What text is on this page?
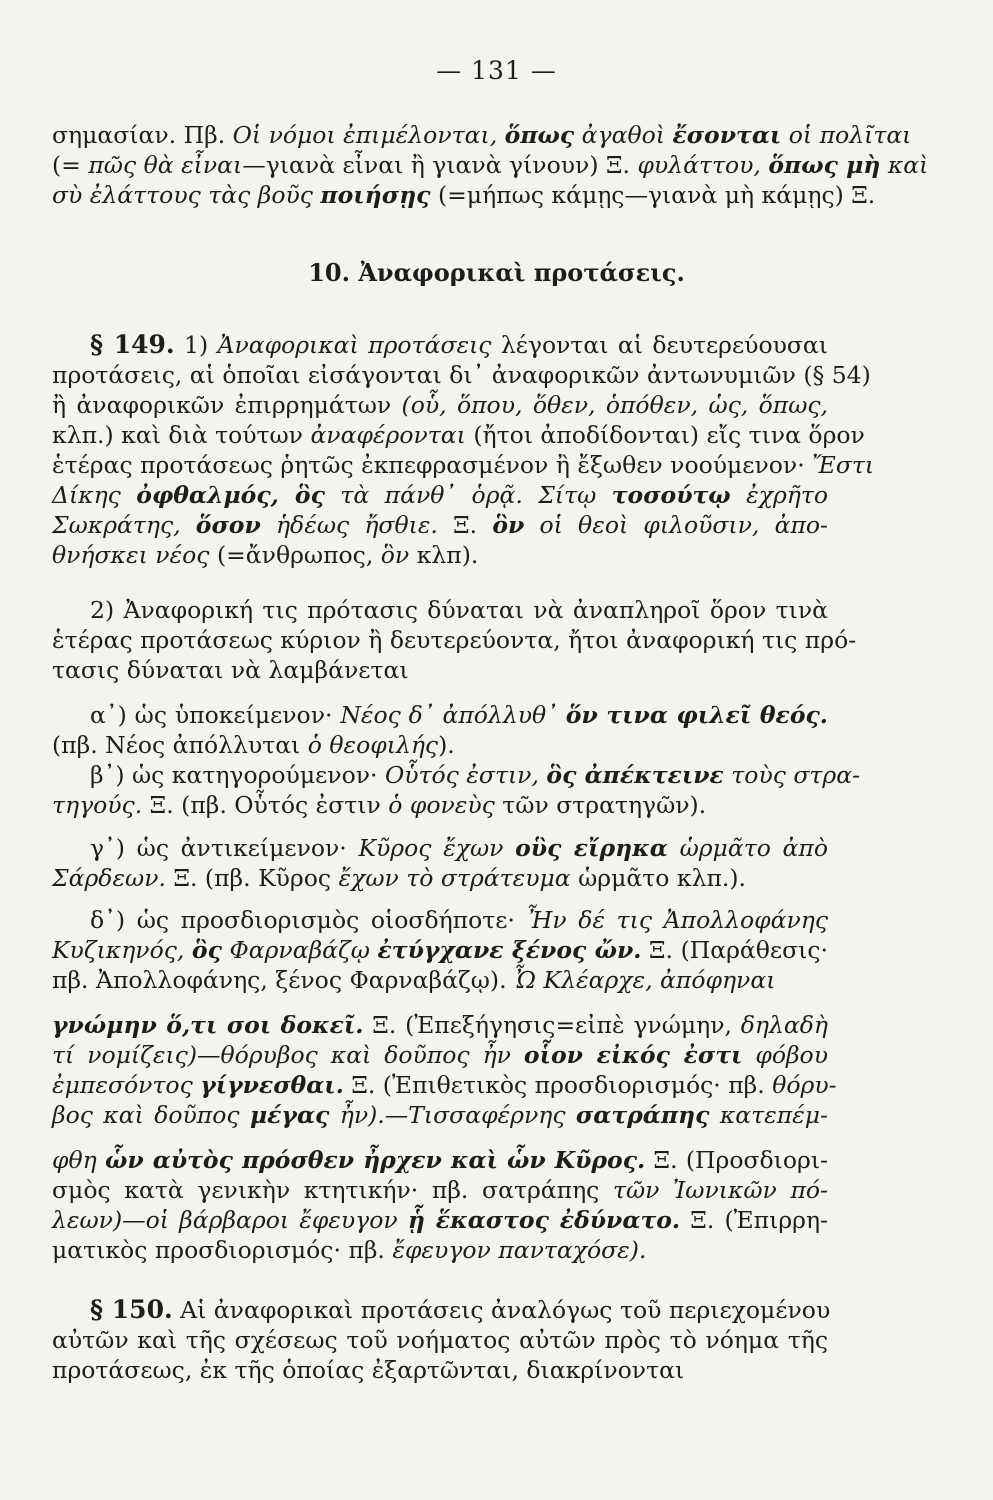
— 131 —
10. Ἀναφορικαὶ προτάσεις.
σημασίαν. Πβ. Οἱ νόμοι ἐπιμέλονται, ὅπως ἀγαθοὶ ἔσονται οἱ πολῖται
(= πῶς θὰ εἶναι—γιανὰ εἶναι ἢ γιανὰ γίνουν) Ξ. φυλάττου, ὅπως μὴ καὶ
σὺ ἐλάττους τὰς βοῦς ποιήσῃς (=μήπως κάμῃς—γιανὰ μὴ κάμῃς) Ξ.
§ 149. 1) Ἀναφορικαὶ προτάσεις λέγονται αἱ δευτερεύουσαι
προτάσεις, αἱ ὁποῖαι εἰσάγονται δι᾽ ἀναφορικῶν ἀντωνυμιῶν (§ 54)
ἢ ἀναφορικῶν ἐπιρρημάτων (οὗ, ὅπου, ὅθεν, ὁπόθεν, ὡς, ὅπως,
κλπ.) καὶ διὰ τούτων ἀναφέρονται (ἤτοι ἀποδίδονται) εἴς τινα ὅρον
ἑτέρας προτάσεως ῥητῶς ἐκπεφρασμένον ἢ ἔξωθεν νοούμενον· Ἔστι
Δίκης ὀφθαλμός, ὃς τὰ πάνθ᾽ ὁρᾷ. Σίτῳ τοσούτῳ ἐχρῆτο
Σωκράτης, ὅσον ἡδέως ἤσθιε. Ξ. ὃν οἱ θεοὶ φιλοῦσιν, ἀπο-
θνήσκει νέος (=ἄνθρωπος, ὃν κλπ).
2) Ἀναφορική τις πρότασις δύναται νὰ ἀναπληροῖ ὅρον τινὰ
ἑτέρας προτάσεως κύριον ἢ δευτερεύοντα, ἤτοι ἀναφορική τις πρό-
τασις δύναται νὰ λαμβάνεται
α᾽) ὡς ὑποκείμενον· Νέος δ᾽ ἀπόλλυθ᾽ ὅν τινα φιλεῖ θεός.
(πβ. Νέος ἀπόλλυται ὁ θεοφιλής).
β᾽) ὡς κατηγορούμενον· Οὗτός ἐστιν, ὃς ἀπέκτεινε τοὺς στρα-
τηγούς. Ξ. (πβ. Οὗτός ἐστιν ὁ φονεὺς τῶν στρατηγῶν).
γ᾽) ὡς ἀντικείμενον· Κῦρος ἔχων οὓς εἴρηκα ὡρμᾶτο ἀπὸ
Σάρδεων. Ξ. (πβ. Κῦρος ἔχων τὸ στράτευμα ὡρμᾶτο κλπ.).
δ᾽) ὡς προσδιορισμὸς οἱοσδήποτε· Ἦν δέ τις Ἀπολλοφάνης
Κυζικηνός, ὃς Φαρναβάζῳ ἐτύγχανε ξένος ὤν. Ξ. (Παράθεσις·
πβ. Ἀπολλοφάνης, ξένος Φαρναβάζῳ). Ὦ Κλέαρχε, ἀπόφηναι
γνώμην ὅ,τι σοι δοκεῖ. Ξ. (Ἐπεξήγησις=εἰπὲ γνώμην, δηλαδὴ
τί νομίζεις)—θόρυβος καὶ δοῦπος ἦν οἷον εἰκός ἐστι φόβου
ἐμπεσόντος γίγνεσθαι. Ξ. (Ἐπιθετικὸς προσδιορισμός· πβ. θόρυ-
βος καὶ δοῦπος μέγας ἦν).—Τισσαφέρνης σατράπης κατεπέμ-
φθη ὧν αὐτὸς πρόσθεν ἦρχεν καὶ ὧν Κῦρος. Ξ. (Προσδιορι-
σμὸς κατὰ γενικὴν κτητικήν· πβ. σατράπης τῶν Ἰωνικῶν πό-
λεων)—οἱ βάρβαροι ἔφευγον ᾗ ἕκαστος ἐδύνατο. Ξ. (Ἐπιρρη-
ματικὸς προσδιορισμός· πβ. ἔφευγον πανταχόσε).
§ 150. Αἱ ἀναφορικαὶ προτάσεις ἀναλόγως τοῦ περιεχομένου
αὐτῶν καὶ τῆς σχέσεως τοῦ νοήματος αὐτῶν πρὸς τὸ νόημα τῆς
προτάσεως, ἐκ τῆς ὁποίας ἐξαρτῶνται, διακρίνονται
